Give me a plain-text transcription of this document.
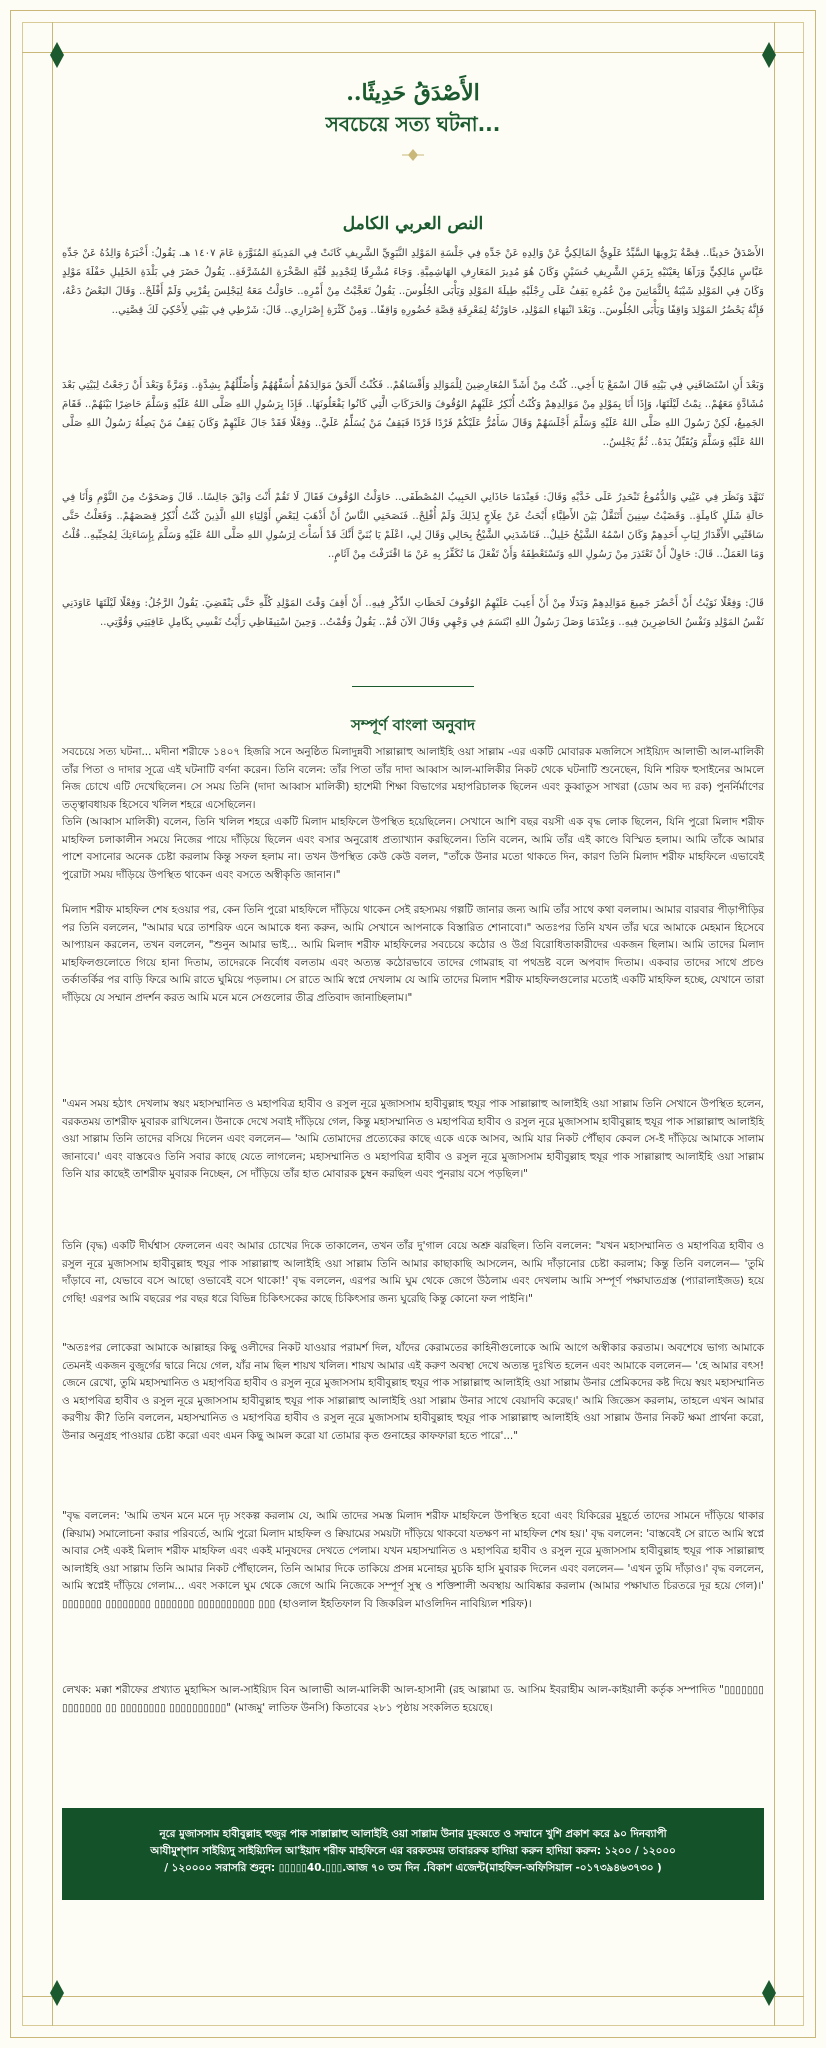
الأَصْدَقُ حَدِيثًا..
সবচেয়ে সত্য ঘটনা...
النص العربي الكامل
الأَصْدَقُ حَدِيثًا.. قِصَّةٌ يَرْوِيهَا السَّيِّدُ عَلَوِيُّ المَالِكِيُّ عَنْ وَالِدِهِ عَنْ جَدِّهِ فِي جَلْسَةِ المَوْلِدِ النَّبَوِيِّ الشَّرِيفِ كَانَتْ فِي المَدِينَةِ المُنَوَّرَةِ عَامَ ١٤٠٧ هـ. يَقُولُ: أَخْبَرَهُ وَالِدُهُ عَنْ جَدِّهِ عَبَّاسٍ مَالِكِيٍّ وَرَآهَا بِعَيْنَيْهِ بِزَمَنِ الشَّرِيفِ حُسَيْنٍ وَكَانَ هُوَ مُدِيرَ المَعَارِفِ الهَاشِمِيَّةِ. وَجَاءَ مُشْرِفًا لِتَجْدِيدِ قُبَّةِ الصَّخْرَةِ المُشَرَّفَةِ.. يَقُولُ حَضَرَ فِي بَلْدَةِ الخَلِيلِ حَفْلَةَ مَوْلِدٍ وَكَانَ فِي المَوْلِدِ شَيْبَةٌ بِالثَّمَانِينَ مِنْ عُمُرِهِ يَقِفُ عَلَى رِجْلَيْهِ طِيلَةَ المَوْلِدِ وَيَأْبَى الجُلُوسَ.. يَقُولُ تَعَجَّبْتُ مِنْ أَمْرِهِ.. حَاوَلْتُ مَعَهُ لِيَجْلِسَ بِقُرْبِي وَلَمْ أَفْلَحْ.. وَقَالَ البَعْضُ دَعْهُ، فَإِنَّهُ يَحْضُرُ المَوْلِدَ وَاقِفًا وَيَأْبَى الجُلُوسَ.. وَبَعْدَ انْتِهَاءِ المَوْلِدِ، حَاوَرْتُهُ لِمَعْرِفَةِ قِصَّةِ حُضُورِهِ وَاقِفًا.. وَمِنْ كَثْرَةِ إِصْرَارِي.. قَالَ: شَرْطِي فِي بَيْتِي لِأَحْكِيَ لَكَ قِصَّتِي..
وَبَعْدَ أَنِ اسْتَضَافَنِي فِي بَيْتِهِ قَالَ اسْمَعْ يَا أَخِي.. كُنْتُ مِنْ أَشَدِّ المُعَارِضِينَ لِلْمَوَالِدِ وَأَقْسَاهُمْ.. فَكُنْتُ أَلْحَقُ مَوَالِدَهُمْ أُسَفِّهُهُمْ وَأُضَلِّلُهُمْ بِشِدَّةٍ.. وَمَرَّةً وَبَعْدَ أَنْ رَجَعْتُ لِبَيْتِي بَعْدَ مُشَادَّةٍ مَعَهُمْ.. نِمْتُ لَيْلَتَهَا، وَإِذَا أَنَا بِمَوْلِدٍ مِنْ مَوَالِدِهِمْ وَكُنْتُ أُنْكِرُ عَلَيْهِمُ الوُقُوفَ وَالحَرَكَاتِ الَّتِي كَانُوا يَفْعَلُونَهَا.. فَإِذَا بِرَسُولِ اللهِ صَلَّى اللهُ عَلَيْهِ وَسَلَّمَ حَاضِرًا بَيْنَهُمْ.. فَقَامَ الجَمِيعُ، لَكِنْ رَسُولَ اللهِ صَلَّى اللهُ عَلَيْهِ وَسَلَّمَ أَجْلَسَهُمْ وَقَالَ سَأَمُرُّ عَلَيْكُمْ فَرْدًا فَرْدًا فَيَقِفُ مَنْ يُسَلِّمُ عَلَيَّ.. وَفِعْلًا فَقَدْ جَالَ عَلَيْهِمْ وَكَانَ يَقِفُ مَنْ يَصِلُهُ رَسُولُ اللهِ صَلَّى اللهُ عَلَيْهِ وَسَلَّمَ وَيُقَبِّلُ يَدَهُ.. ثُمَّ يَجْلِسُ..
تَنَهَّدَ وَنَظَرَ فِي عَيْنِي وَالدُّمُوعُ تَنْحَدِرُ عَلَى خَدَّيْهِ وَقَالَ: فَعِنْدَمَا حَاذَانِي الحَبِيبُ المُصْطَفَى.. حَاوَلْتُ الوُقُوفَ فَقَالَ لَا تَقُمْ أَنْتَ وَابْقَ جَالِسًا.. قَالَ وَصَحَوْتُ مِنَ النَّوْمِ وَأَنَا فِي حَالَةِ شَلَلٍ كَامِلَةٍ.. وَقَضَيْتُ سِنِينَ أَتَنَقَّلُ بَيْنَ الأَطِبَّاءِ أَبْحَثُ عَنْ عِلَاجٍ لِذَلِكَ وَلَمْ أُفْلِحْ.. فَنَصَحَنِي النَّاسُ أَنْ أَذْهَبَ لِبَعْضِ أَوْلِيَاءِ اللهِ الَّذِينَ كُنْتُ أُنْكِرُ قِصَصَهُمْ.. وَفَعَلْتُ حَتَّى سَاقَتْنِي الأَقْدَارُ لِبَابِ أَحَدِهِمْ وَكَانَ اسْمُهُ الشَّيْخُ خَلِيلٌ.. فَنَاشَدَنِي الشَّيْخُ بِحَالِي وَقَالَ لِي، اعْلَمْ يَا بُنَيَّ أَنَّكَ قَدْ أَسَأْتَ لِرَسُولِ اللهِ صَلَّى اللهُ عَلَيْهِ وَسَلَّمَ بِإِسَاءَتِكَ لِمُحِبِّيهِ.. قُلْتُ وَمَا العَمَلُ.. قَالَ: حَاوِلْ أَنْ تَعْتَذِرَ مِنْ رَسُولِ اللهِ وَتَسْتَعْطِفَهُ وَأَنْ تَفْعَلَ مَا تُكَفِّرُ بِهِ عَنْ مَا اقْتَرَفْتَ مِنْ آثَامٍ..
قَالَ: وَفِعْلًا نَوَيْتُ أَنْ أَحْضُرَ جَمِيعَ مَوَالِدِهِمْ وَبَدَلًا مِنْ أَنْ أَعِيبَ عَلَيْهِمُ الوُقُوفَ لَحَظَاتِ الذِّكْرِ فِيهِ.. أَنْ أَقِفَ وَقْتَ المَوْلِدِ كُلِّهِ حَتَّى يَنْقَضِيَ. يَقُولُ الرَّجُلُ: وَفِعْلًا لَيْلَتَهَا عَاوَدَنِي نَفْسُ المَوْلِدِ وَنَفْسُ الحَاضِرِينَ فِيهِ.. وَعِنْدَمَا وَصَلَ رَسُولُ اللهِ ابْتَسَمَ فِي وَجْهِي وَقَالَ الآنَ قُمْ.. يَقُولُ وَقُمْتُ.. وَحِينَ اسْتِيقَاظِي رَأَيْتُ نَفْسِي بِكَامِلِ عَافِيَتِي وَقُوَّتِي..
সম্পূর্ণ বাংলা অনুবাদ
সবচেয়ে সত্য ঘটনা... মদীনা শরীফে ১৪০৭ হিজরি সনে অনুষ্ঠিত মিলাদুন্নবী সাল্লাল্লাহু আলাইহি ওয়া সাল্লাম -এর একটি মোবারক মজলিসে সাইয়্যিদ আলাভী আল-মালিকী তাঁর পিতা ও দাদার সূত্রে এই ঘটনাটি বর্ণনা করেন। তিনি বলেন: তাঁর পিতা তাঁর দাদা আব্বাস আল-মালিকীর নিকট থেকে ঘটনাটি শুনেছেন, যিনি শরিফ হুসাইনের আমলে নিজ চোখে এটি দেখেছিলেন। সে সময় তিনি (দাদা আব্বাস মালিকী) হাশেমী শিক্ষা বিভাগের মহাপরিচালক ছিলেন এবং কুব্বাতুস সাখরা (ডোম অব দ্য রক) পুনর্নির্মাণের তত্ত্বাবধায়ক হিসেবে খলিল শহরে এসেছিলেন।
তিনি (আব্বাস মালিকী) বলেন, তিনি খলিল শহরে একটি মিলাদ মাহফিলে উপস্থিত হয়েছিলেন। সেখানে আশি বছর বয়সী এক বৃদ্ধ লোক ছিলেন, যিনি পুরো মিলাদ শরীফ মাহফিল চলাকালীন সময়ে নিজের পায়ে দাঁড়িয়ে ছিলেন এবং বসার অনুরোধ প্রত্যাখ্যান করছিলেন। তিনি বলেন, আমি তাঁর এই কাণ্ডে বিস্মিত হলাম। আমি তাঁকে আমার পাশে বসানোর অনেক চেষ্টা করলাম কিন্তু সফল হলাম না। তখন উপস্থিত কেউ কেউ বলল, "তাঁকে উনার মতো থাকতে দিন, কারণ তিনি মিলাদ শরীফ মাহফিলে এভাবেই পুরোটা সময় দাঁড়িয়ে উপস্থিত থাকেন এবং বসতে অস্বীকৃতি জানান।"
মিলাদ শরীফ মাহফিল শেষ হওয়ার পর, কেন তিনি পুরো মাহফিলে দাঁড়িয়ে থাকেন সেই রহস্যময় গল্পটি জানার জন্য আমি তাঁর সাথে কথা বললাম। আমার বারবার পীড়াপীড়ির পর তিনি বললেন, "আমার ঘরে তাশরিফ এনে আমাকে ধন্য করুন, আমি সেখানে আপনাকে বিস্তারিত শোনাবো।" অতঃপর তিনি যখন তাঁর ঘরে আমাকে মেহমান হিসেবে আপ্যায়ন করলেন, তখন বললেন, "শুনুন আমার ভাই... আমি মিলাদ শরীফ মাহফিলের সবচেয়ে কঠোর ও উগ্র বিরোধিতাকারীদের একজন ছিলাম। আমি তাদের মিলাদ মাহফিলগুলোতে গিয়ে হানা দিতাম, তাদেরকে নির্বোধ বলতাম এবং অত্যন্ত কঠোরভাবে তাদের গোমরাহ বা পথভ্রষ্ট বলে অপবাদ দিতাম। একবার তাদের সাথে প্রচণ্ড তর্কাতর্কির পর বাড়ি ফিরে আমি রাতে ঘুমিয়ে পড়লাম। সে রাতে আমি স্বপ্নে দেখলাম যে আমি তাদের মিলাদ শরীফ মাহফিলগুলোর মতোই একটি মাহফিল হচ্ছে, যেখানে তারা দাঁড়িয়ে যে সম্মান প্রদর্শন করত আমি মনে মনে সেগুলোর তীব্র প্রতিবাদ জানাচ্ছিলাম।"
"এমন সময় হঠাৎ দেখলাম স্বয়ং মহাসম্মানিত ও মহাপবিত্র হাবীব ও রসুল নূরে মুজাসসাম হাবীবুল্লাহ হুযূর পাক সাল্লাল্লাহু আলাইহি ওয়া সাল্লাম তিনি সেখানে উপস্থিত হলেন, বরকতময় তাশরীফ মুবারক রাখিলেন। উনাকে দেখে সবাই দাঁড়িয়ে গেল, কিন্তু মহাসম্মানিত ও মহাপবিত্র হাবীব ও রসুল নূরে মুজাসসাম হাবীবুল্লাহ হুযূর পাক সাল্লাল্লাহু আলাইহি ওয়া সাল্লাম তিনি তাদের বসিয়ে দিলেন এবং বললেন— 'আমি তোমাদের প্রত্যেকের কাছে একে একে আসব, আমি যার নিকট পৌঁছাব কেবল সে-ই দাঁড়িয়ে আমাকে সালাম জানাবে।' এবং বাস্তবেও তিনি সবার কাছে যেতে লাগলেন; মহাসম্মানিত ও মহাপবিত্র হাবীব ও রসুল নূরে মুজাসসাম হাবীবুল্লাহ হুযূর পাক সাল্লাল্লাহু আলাইহি ওয়া সাল্লাম তিনি যার কাছেই তাশরীফ মুবারক নিচ্ছেন, সে দাঁড়িয়ে তাঁর হাত মোবারক চুম্বন করছিল এবং পুনরায় বসে পড়ছিল।"
তিনি (বৃদ্ধ) একটি দীর্ঘশ্বাস ফেললেন এবং আমার চোখের দিকে তাকালেন, তখন তাঁর দু'গাল বেয়ে অশ্রু ঝরছিল। তিনি বললেন: "যখন মহাসম্মানিত ও মহাপবিত্র হাবীব ও রসুল নূরে মুজাসসাম হাবীবুল্লাহ হুযূর পাক সাল্লাল্লাহু আলাইহি ওয়া সাল্লাম তিনি আমার কাছাকাছি আসলেন, আমি দাঁড়ানোর চেষ্টা করলাম; কিন্তু তিনি বললেন— 'তুমি দাঁড়াবে না, যেভাবে বসে আছো ওভাবেই বসে থাকো!' বৃদ্ধ বললেন, এরপর আমি ঘুম থেকে জেগে উঠলাম এবং দেখলাম আমি সম্পূর্ণ পক্ষাঘাতগ্রস্ত (প্যারালাইজড) হয়ে গেছি! এরপর আমি বছরের পর বছর ধরে বিভিন্ন চিকিৎসকের কাছে চিকিৎসার জন্য ঘুরেছি কিন্তু কোনো ফল পাইনি।"
"অতঃপর লোকেরা আমাকে আল্লাহর কিছু ওলীদের নিকট যাওয়ার পরামর্শ দিল, যাঁদের কেরামতের কাহিনীগুলোকে আমি আগে অস্বীকার করতাম। অবশেষে ভাগ্য আমাকে তেমনই একজন বুজুর্গের দ্বারে নিয়ে গেল, যাঁর নাম ছিল শায়খ খলিল। শায়খ আমার এই করুণ অবস্থা দেখে অত্যন্ত দুঃখিত হলেন এবং আমাকে বললেন— 'হে আমার বৎস! জেনে রেখো, তুমি মহাসম্মানিত ও মহাপবিত্র হাবীব ও রসুল নূরে মুজাসসাম হাবীবুল্লাহ হুযূর পাক সাল্লাল্লাহু আলাইহি ওয়া সাল্লাম উনার প্রেমিকদের কষ্ট দিয়ে স্বয়ং মহাসম্মানিত ও মহাপবিত্র হাবীব ও রসুল নূরে মুজাসসাম হাবীবুল্লাহ হুযূর পাক সাল্লাল্লাহু আলাইহি ওয়া সাল্লাম উনার সাথে বেয়াদবি করেছ।' আমি জিজ্ঞেস করলাম, তাহলে এখন আমার করণীয় কী? তিনি বললেন, মহাসম্মানিত ও মহাপবিত্র হাবীব ও রসুল নূরে মুজাসসাম হাবীবুল্লাহ হুযূর পাক সাল্লাল্লাহু আলাইহি ওয়া সাল্লাম উনার নিকট ক্ষমা প্রার্থনা করো, উনার অনুগ্রহ পাওয়ার চেষ্টা করো এবং এমন কিছু আমল করো যা তোমার কৃত গুনাহের কাফফারা হতে পারে'..."
"বৃদ্ধ বললেন: 'আমি তখন মনে মনে দৃঢ় সংকল্প করলাম যে, আমি তাদের সমস্ত মিলাদ শরীফ মাহফিলে উপস্থিত হবো এবং যিকিরের মুহূর্তে তাদের সামনে দাঁড়িয়ে থাকার (ক্বিয়াম) সমালোচনা করার পরিবর্তে, আমি পুরো মিলাদ মাহফিল ও ক্বিয়ামের সময়টা দাঁড়িয়ে থাকবো যতক্ষণ না মাহফিল শেষ হয়।' বৃদ্ধ বললেন: 'বাস্তবেই সে রাতে আমি স্বপ্নে আবার সেই একই মিলাদ শরীফ মাহফিল এবং একই মানুষদের দেখতে পেলাম। যখন মহাসম্মানিত ও মহাপবিত্র হাবীব ও রসুল নূরে মুজাসসাম হাবীবুল্লাহ হুযূর পাক সাল্লাল্লাহু আলাইহি ওয়া সাল্লাম তিনি আমার নিকট পৌঁছালেন, তিনি আমার দিকে তাকিয়ে প্রসন্ন মনোহর মুচকি হাসি মুবারক দিলেন এবং বললেন— 'এখন তুমি দাঁড়াও।' বৃদ্ধ বললেন, আমি স্বপ্নেই দাঁড়িয়ে গেলাম... এবং সকালে ঘুম থেকে জেগে আমি নিজেকে সম্পূর্ণ সুস্থ ও শক্তিশালী অবস্থায় আবিষ্কার করলাম (আমার পক্ষাঘাত চিরতরে দূর হয়ে গেল)।' ▯▯▯▯▯▯▯ ▯▯▯▯▯▯▯▯ ▯▯▯▯▯▯▯ ▯▯▯▯▯▯▯▯▯▯ ▯▯▯ (হাওলাল ইহতিফাল বি জিকরিল মাওলিদিন নাবিয়্যিল শরিফ)।
লেখক: মক্কা শরীফের প্রখ্যাত মুহাদ্দিস আল-সাইয়্যিদ বিন আলাভী আল-মালিকী আল-হাসানী (রহ আল্লামা ড. আসিম ইবরাহীম আল-কাইয়ালী কর্তৃক সম্পাদিত "▯▯▯▯▯▯▯ ▯▯▯▯▯▯▯ ▯▯ ▯▯▯▯▯▯▯▯ ▯▯▯▯▯▯▯▯▯▯" (মাজমু' লাতিফ উনসি) কিতাবের ২৮১ পৃষ্ঠায় সংকলিত হয়েছে।
নূরে মুজাসসাম হাবীবুল্লাহ হুজুর পাক সাল্লাল্লাহু আলাইহি ওয়া সাল্লাম উনার মুহব্বতে ও সম্মানে খুশি প্রকাশ করে ৯০ দিনব্যাপী
আযীমুশ্শান সাইয়্যিদু সাইয়্যিদিল আ'ইয়াদ শরীফ মাহফিলে এর বরকতময় তাবাররুক হাদিয়া করুন হাদিয়া করুন: ১২০০ / ১২০০০
/ ১২০০০০ সরাসরি শুনুন: ▯▯▯▯▯40.▯▯▯.আজ ৭০ তম দিন .বিকাশ এজেন্ট(মাহফিল-অফিসিয়াল -০১৭৩৯৪৬৩৭৩০ )
